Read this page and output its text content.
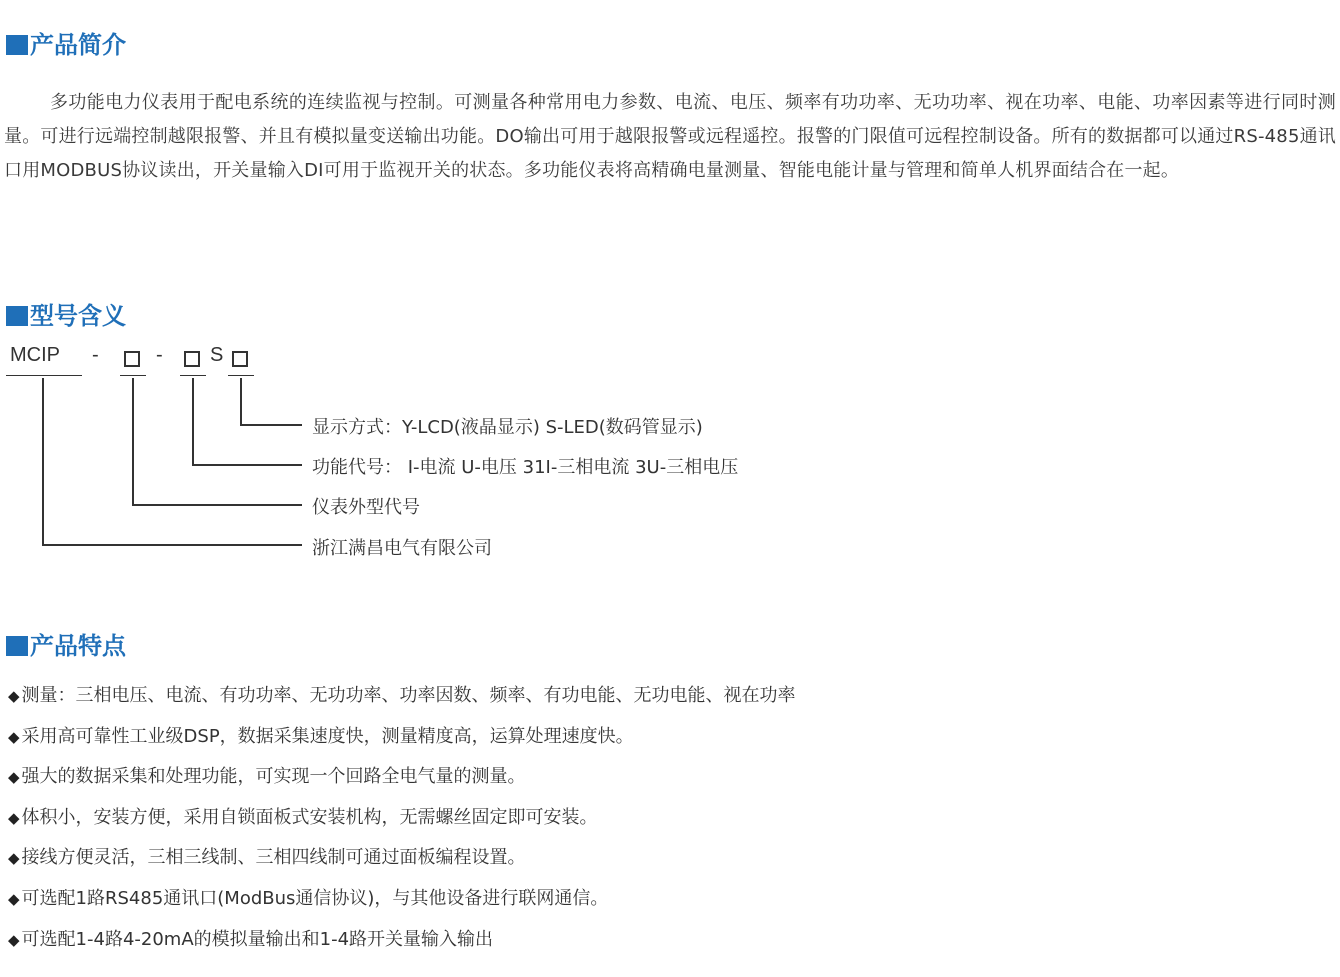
产品简介

多功能电力仪表用于配电系统的连续监视与控制。可测量各种常用电力参数、电流、电压、频率有功功率、无功功率、视在功率、电能、功率因素等进行同时测量。可进行远端控制越限报警、并且有模拟量变送输出功能。DO输出可用于越限报警或远程遥控。报警的门限值可远程控制设备。所有的数据都可以通过RS-485通讯口用MODBUS协议读出，开关量输入DI可用于监视开关的状态。多功能仪表将高精确电量测量、智能电能计量与管理和简单人机界面结合在一起。

型号含义
MCIP -	- S
显示方式：Y-LCD(液晶显示) S-LED(数码管显示)
功能代号： I-电流 U-电压 31I-三相电流 3U-三相电压
仪表外型代号
浙江满昌电气有限公司
产品特点
◆ 测量：三相电压、电流、有功功率、无功功率、功率因数、频率、有功电能、无功电能、视在功率
◆ 采用高可靠性工业级DSP，数据采集速度快，测量精度高，运算处理速度快。
◆ 强大的数据采集和处理功能，可实现一个回路全电气量的测量。
◆ 体积小，安装方便，采用自锁面板式安装机构，无需螺丝固定即可安装。
◆ 接线方便灵活，三相三线制、三相四线制可通过面板编程设置。
◆ 可选配1路RS485通讯口(ModBus通信协议)，与其他设备进行联网通信。
◆ 可选配1-4路4-20mA的模拟量输出和1-4路开关量输入输出
